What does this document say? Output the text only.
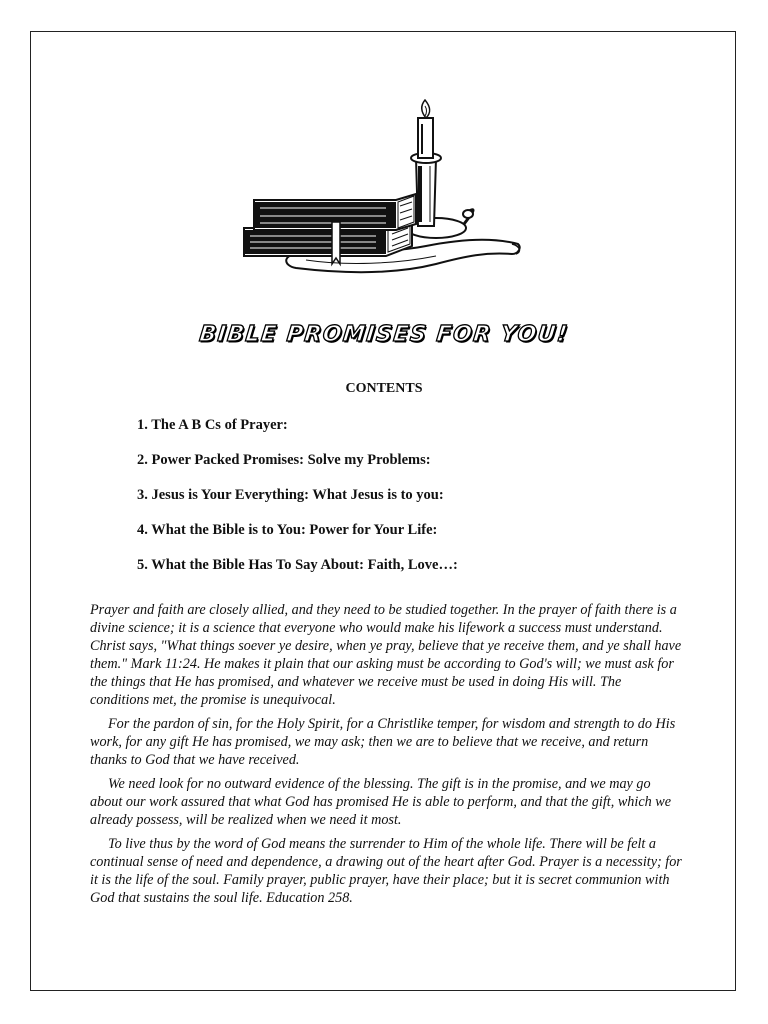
BIBLE PROMISES FOR YOU!
CONTENTS
1. The A B Cs of Prayer:
2. Power Packed Promises: Solve my Problems:
3. Jesus is Your Everything: What Jesus is to you:
4. What the Bible is to You: Power for Your Life:
5. What the Bible Has To Say About: Faith, Love…:

Prayer and faith are closely allied, and they need to be studied together. In the prayer of faith there is a divine science; it is a science that everyone who would make his lifework a success must understand. Christ says, "What things soever ye desire, when ye pray, believe that ye receive them, and ye shall have them." Mark 11:24. He makes it plain that our asking must be according to God's will; we must ask for the things that He has promised, and whatever we receive must be used in doing His will. The conditions met, the promise is unequivocal.

For the pardon of sin, for the Holy Spirit, for a Christlike temper, for wisdom and strength to do His work, for any gift He has promised, we may ask; then we are to believe that we receive, and return thanks to God that we have received.

We need look for no outward evidence of the blessing. The gift is in the promise, and we may go about our work assured that what God has promised He is able to perform, and that the gift, which we already possess, will be realized when we need it most.

To live thus by the word of God means the surrender to Him of the whole life. There will be felt a continual sense of need and dependence, a drawing out of the heart after God. Prayer is a necessity; for it is the life of the soul. Family prayer, public prayer, have their place; but it is secret communion with God that sustains the soul life. Education 258.
